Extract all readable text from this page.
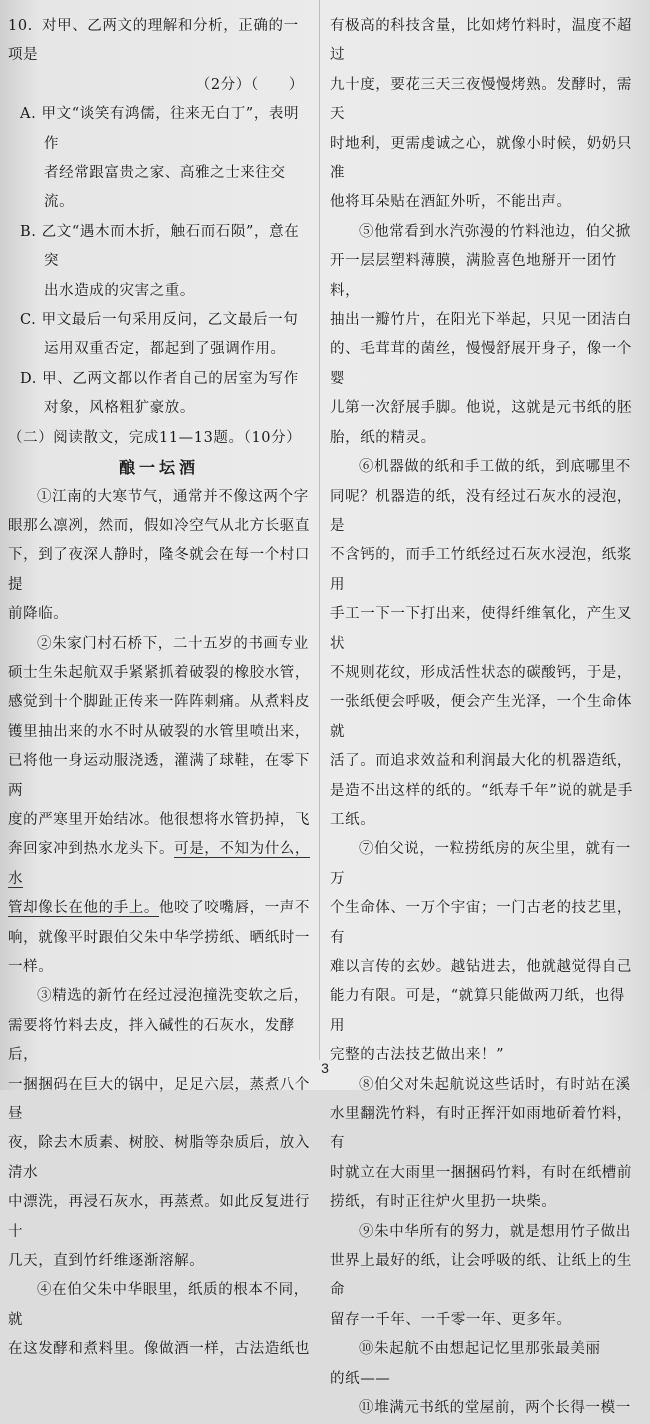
10. 对甲、乙两文的理解和分析，正确的一项是
（2分）（　　）
A. 甲文“谈笑有鸿儒，往来无白丁”，表明作
者经常跟富贵之家、高雅之士来往交流。
B. 乙文“遇木而木折，触石而石陨”，意在突
出水造成的灾害之重。
C. 甲文最后一句采用反问，乙文最后一句
运用双重否定，都起到了强调作用。
D. 甲、乙两文都以作者自己的居室为写作
对象，风格粗犷豪放。
（二）阅读散文，完成11—13题。（10分）
酿一坛酒
①江南的大寒节气，通常并不像这两个字
眼那么凛冽，然而，假如冷空气从北方长驱直
下，到了夜深人静时，隆冬就会在每一个村口提
前降临。
②朱家门村石桥下，二十五岁的书画专业
硕士生朱起航双手紧紧抓着破裂的橡胶水管，
感觉到十个脚趾正传来一阵阵刺痛。从煮料皮
镬里抽出来的水不时从破裂的水管里喷出来，
已将他一身运动服浇透，灌满了球鞋，在零下两
度的严寒里开始结冰。他很想将水管扔掉，飞
奔回家冲到热水龙头下。可是，不知为什么，水
管却像长在他的手上。他咬了咬嘴唇，一声不
响，就像平时跟伯父朱中华学捞纸、晒纸时一
一样。
③精选的新竹在经过浸泡撞洗变软之后，
需要将竹料去皮，拌入碱性的石灰水，发酵后，
一捆捆码在巨大的锅中，足足六层，蒸煮八个昼
夜，除去木质素、树胶、树脂等杂质后，放入清水
中漂洗，再浸石灰水，再蒸煮。如此反复进行十
几天，直到竹纤维逐渐溶解。
④在伯父朱中华眼里，纸质的根本不同，就
在这发酵和煮料里。像做酒一样，古法造纸也
有极高的科技含量，比如烤竹料时，温度不超过
九十度，要花三天三夜慢慢烤熟。发酵时，需天
时地利，更需虔诚之心，就像小时候，奶奶只准
他将耳朵贴在酒缸外听，不能出声。
⑤他常看到水汽弥漫的竹料池边，伯父掀
开一层层塑料薄膜，满脸喜色地掰开一团竹料，
抽出一瓣竹片，在阳光下举起，只见一团洁白
的、毛茸茸的菌丝，慢慢舒展开身子，像一个婴
儿第一次舒展手脚。他说，这就是元书纸的胚
胎，纸的精灵。
⑥机器做的纸和手工做的纸，到底哪里不
同呢？机器造的纸，没有经过石灰水的浸泡，是
不含钙的，而手工竹纸经过石灰水浸泡，纸浆用
手工一下一下打出来，使得纤维氧化，产生叉状
不规则花纹，形成活性状态的碳酸钙，于是，
一张纸便会呼吸，便会产生光泽，一个生命体就
活了。而追求效益和利润最大化的机器造纸，
是造不出这样的纸的。“纸寿千年”说的就是手
工纸。
⑦伯父说，一粒捞纸房的灰尘里，就有一万
个生命体、一万个宇宙；一门古老的技艺里，有
难以言传的玄妙。越钻进去，他就越觉得自己
能力有限。可是，“就算只能做两刀纸，也得用
完整的古法技艺做出来！”
⑧伯父对朱起航说这些话时，有时站在溪
水里翻洗竹料，有时正挥汗如雨地斫着竹料，有
时就立在大雨里一捆捆码竹料，有时在纸槽前
捞纸，有时正往炉火里扔一块柴。
⑨朱中华所有的努力，就是想用竹子做出
世界上最好的纸，让会呼吸的纸、让纸上的生命
留存一千年、一千零一年、更多年。
⑩朱起航不由想起记忆里那张最美丽
的纸——
⑪堆满元书纸的堂屋前，两个长得一模一
3
